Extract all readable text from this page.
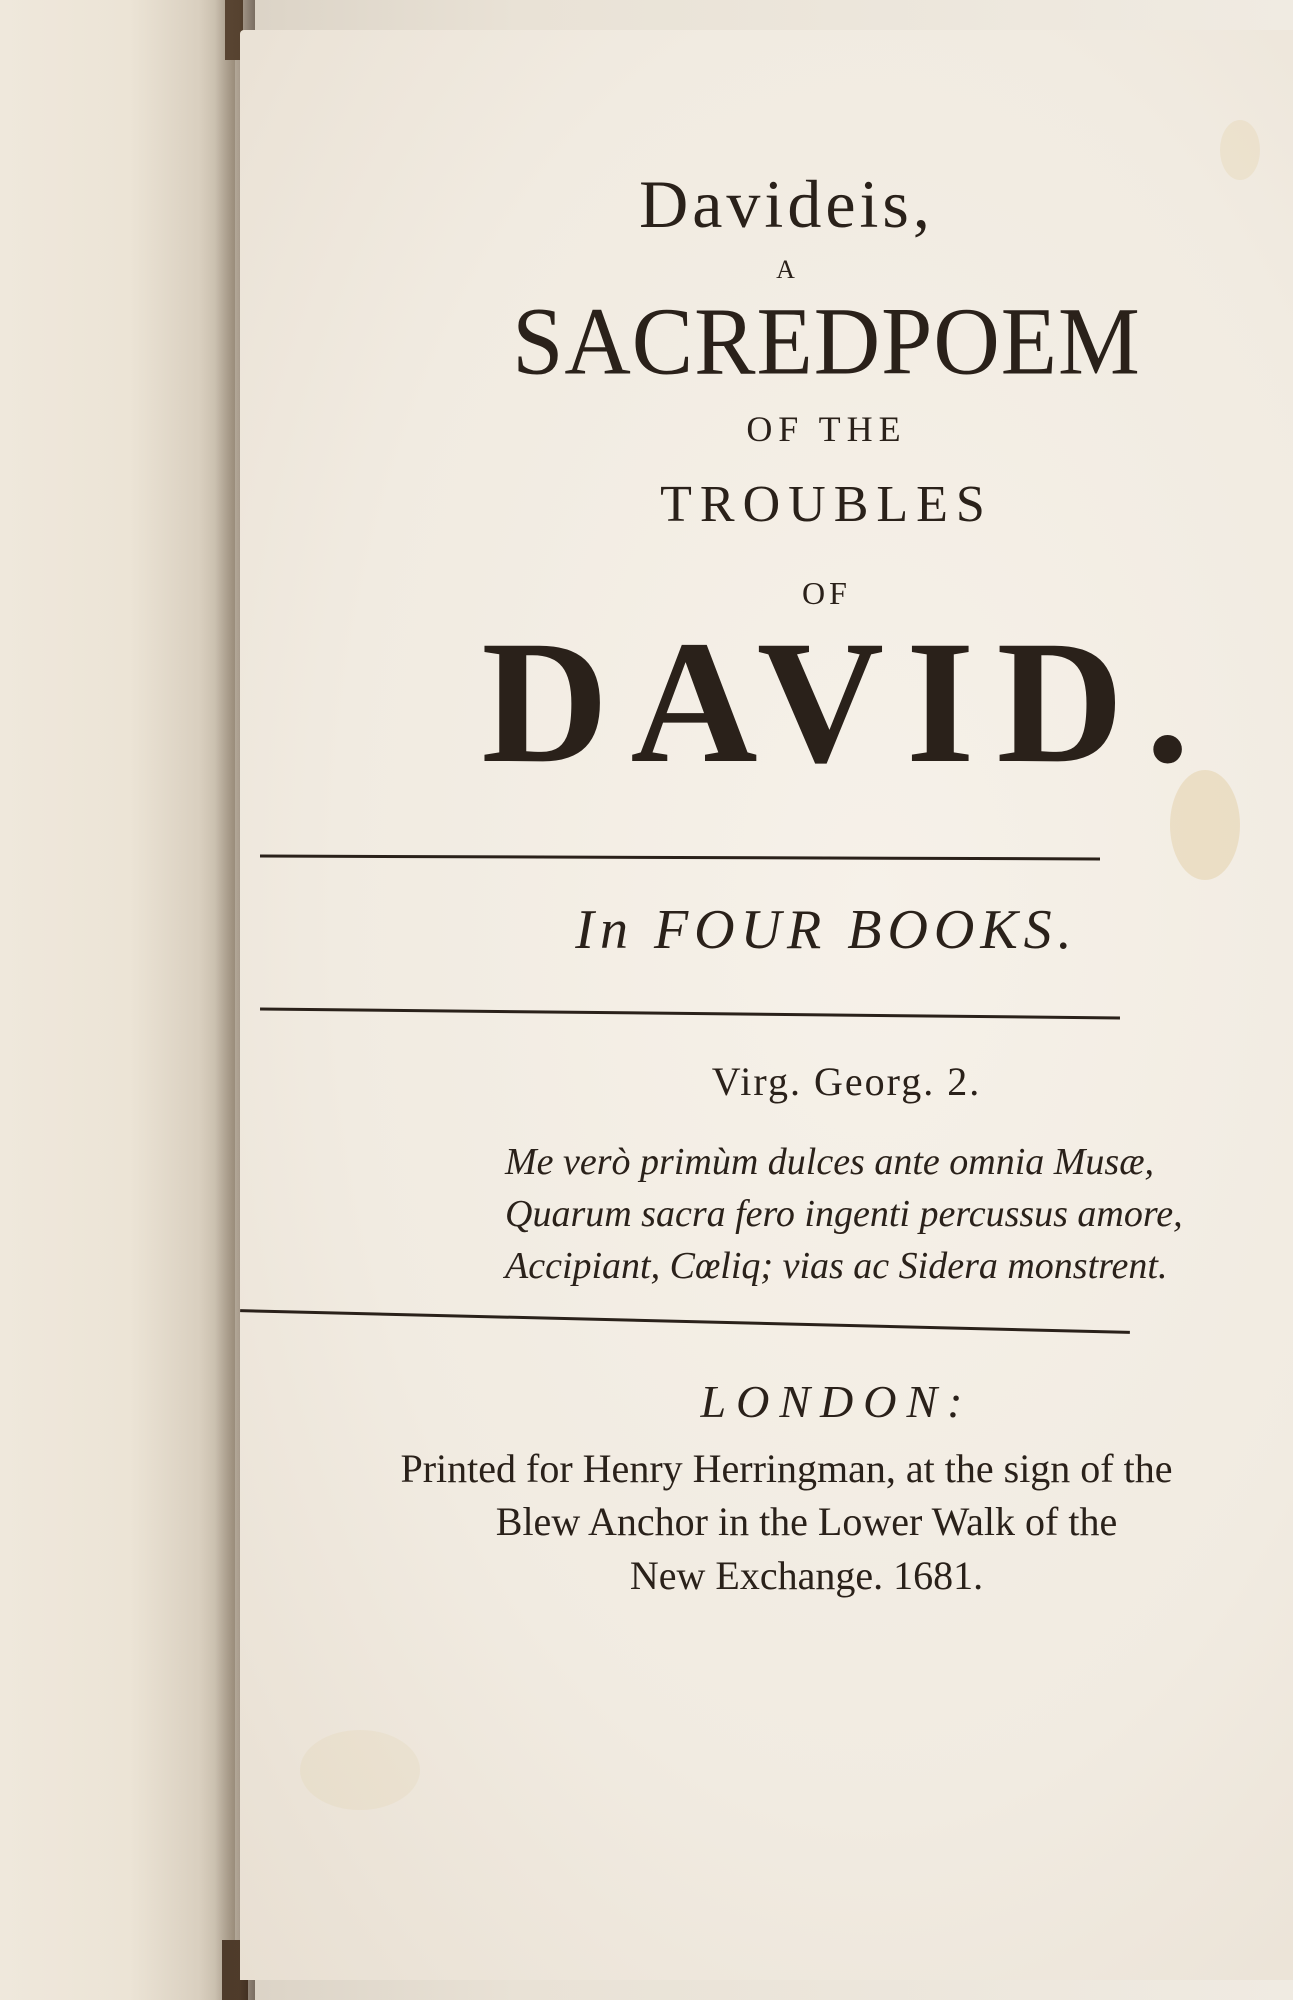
Davideis,
A
SACREDPOEM
OF THE
TROUBLES
OF
DAVID.
In FOUR BOOKS.
Virg. Georg. 2.
Me verò primùm dulces ante omnia Musæ,
Quarum sacra fero ingenti percussus amore,
Accipiant, Cœliq; vias ac Sidera monstrent.
LONDON:
Printed for Henry Herringman, at the sign of the
Blew Anchor in the Lower Walk of the
New Exchange. 1681.
